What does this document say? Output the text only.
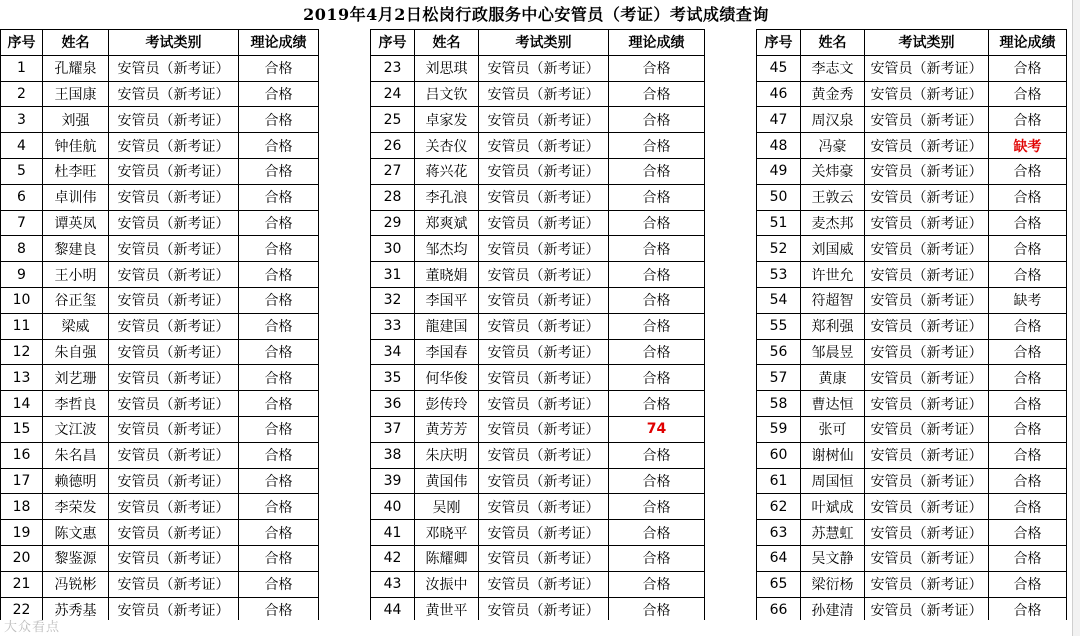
2019年4月2日松岗行政服务中心安管员（考证）考试成绩查询
序号	姓名	考试类别	理论成绩
1	孔耀泉	安管员（新考证）	合格
2	王国康	安管员（新考证）	合格
3	刘强	安管员（新考证）	合格
4	钟佳航	安管员（新考证）	合格
5	杜李旺	安管员（新考证）	合格
6	卓训伟	安管员（新考证）	合格
7	谭英凤	安管员（新考证）	合格
8	黎建良	安管员（新考证）	合格
9	王小明	安管员（新考证）	合格
10	谷正玺	安管员（新考证）	合格
11	梁威	安管员（新考证）	合格
12	朱自强	安管员（新考证）	合格
13	刘艺珊	安管员（新考证）	合格
14	李哲良	安管员（新考证）	合格
15	文江波	安管员（新考证）	合格
16	朱名昌	安管员（新考证）	合格
17	赖德明	安管员（新考证）	合格
18	李荣发	安管员（新考证）	合格
19	陈文惠	安管员（新考证）	合格
20	黎鉴源	安管员（新考证）	合格
21	冯锐彬	安管员（新考证）	合格
22	苏秀基	安管员（新考证）	合格
序号	姓名	考试类别	理论成绩
23	刘思琪	安管员（新考证）	合格
24	吕文钦	安管员（新考证）	合格
25	卓家发	安管员（新考证）	合格
26	关杏仪	安管员（新考证）	合格
27	蒋兴花	安管员（新考证）	合格
28	李孔浪	安管员（新考证）	合格
29	郑爽斌	安管员（新考证）	合格
30	邹杰均	安管员（新考证）	合格
31	董晓娟	安管员（新考证）	合格
32	李国平	安管员（新考证）	合格
33	龍建国	安管员（新考证）	合格
34	李国春	安管员（新考证）	合格
35	何华俊	安管员（新考证）	合格
36	彭传玲	安管员（新考证）	合格
37	黄芳芳	安管员（新考证）	74
38	朱庆明	安管员（新考证）	合格
39	黄国伟	安管员（新考证）	合格
40	吴刚	安管员（新考证）	合格
41	邓晓平	安管员（新考证）	合格
42	陈耀卿	安管员（新考证）	合格
43	汝振中	安管员（新考证）	合格
44	黄世平	安管员（新考证）	合格
序号	姓名	考试类别	理论成绩
45	李志文	安管员（新考证）	合格
46	黄金秀	安管员（新考证）	合格
47	周汉泉	安管员（新考证）	合格
48	冯豪	安管员（新考证）	缺考
49	关炜豪	安管员（新考证）	合格
50	王敦云	安管员（新考证）	合格
51	麦杰邦	安管员（新考证）	合格
52	刘国威	安管员（新考证）	合格
53	许世允	安管员（新考证）	合格
54	符超智	安管员（新考证）	缺考
55	郑利强	安管员（新考证）	合格
56	邹晨昱	安管员（新考证）	合格
57	黄康	安管员（新考证）	合格
58	曹达恒	安管员（新考证）	合格
59	张可	安管员（新考证）	合格
60	谢树仙	安管员（新考证）	合格
61	周国恒	安管员（新考证）	合格
62	叶斌成	安管员（新考证）	合格
63	苏慧虹	安管员（新考证）	合格
64	吴文静	安管员（新考证）	合格
65	梁衍杨	安管员（新考证）	合格
66	孙建清	安管员（新考证）	合格
大众看点
